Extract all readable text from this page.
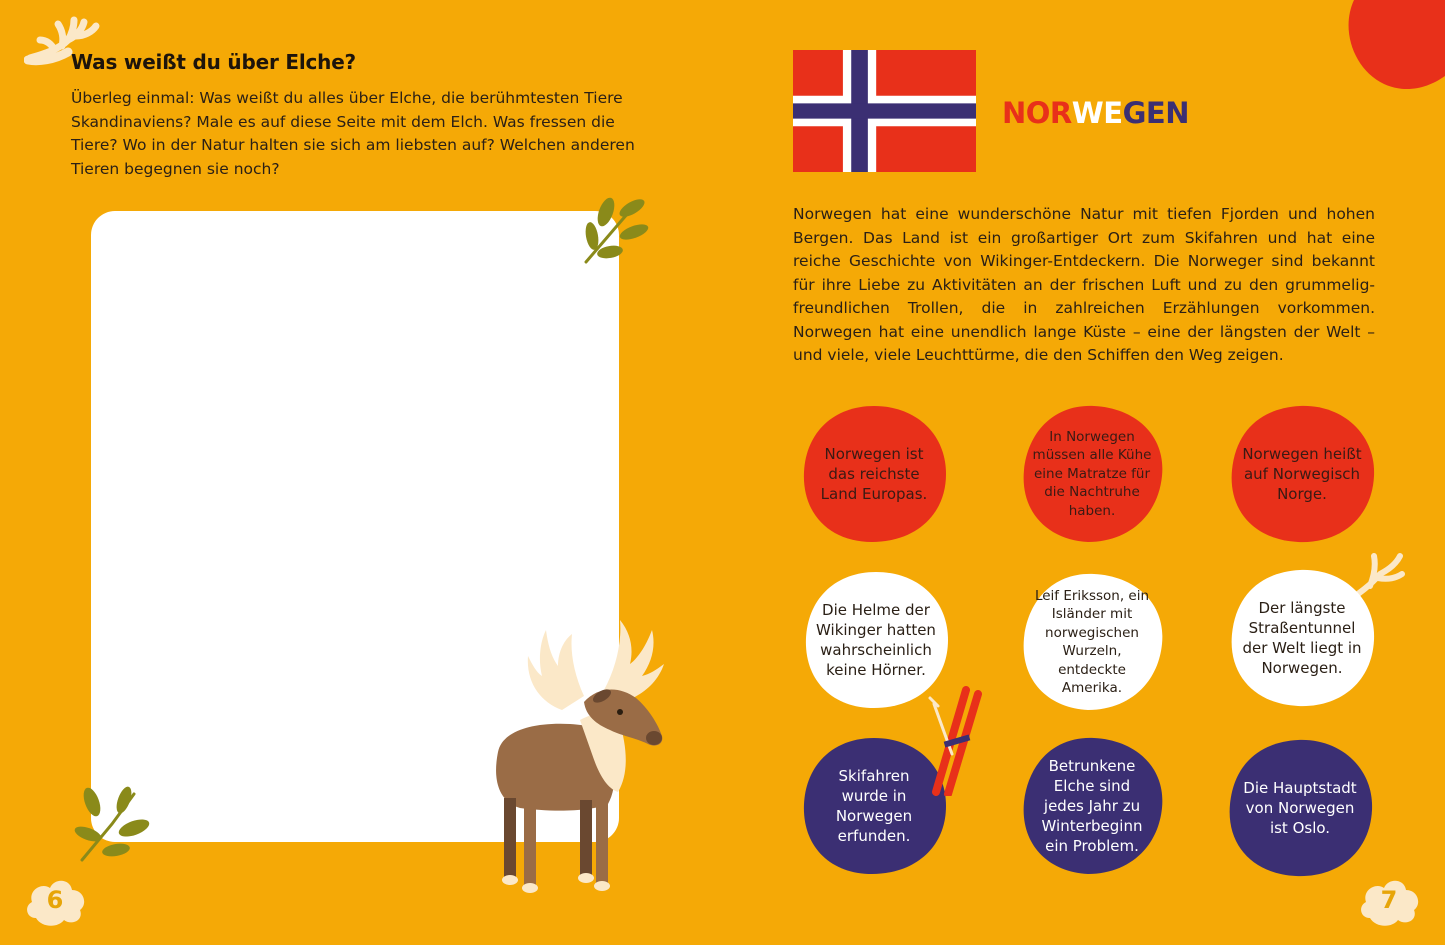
Was weißt du über Elche?
Überleg einmal: Was weißt du alles über Elche, die berühmtesten Tiere Skandinaviens? Male es auf diese Seite mit dem Elch. Was fressen die Tiere? Wo in der Natur halten sie sich am liebsten auf? Welchen anderen Tieren begegnen sie noch?
6
NORWEGEN
Norwegen hat eine wunderschöne Natur mit tiefen Fjorden und hohen Bergen. Das Land ist ein großartiger Ort zum Skifahren und hat eine reiche Geschichte von Wikinger-Entdeckern. Die Norweger sind bekannt für ihre Liebe zu Aktivitäten an der frischen Luft und zu den grummelig-freundlichen Trollen, die in zahlreichen Erzählungen vorkommen. Norwegen hat eine unendlich lange Küste – eine der längsten der Welt – und viele, viele Leuchttürme, die den Schiffen den Weg zeigen.
Norwegen ist das reichste Land Europas.
In Norwegen müssen alle Kühe eine Matratze für die Nachtruhe haben.
Norwegen heißt auf Norwegisch Norge.
Die Helme der Wikinger hatten wahrscheinlich keine Hörner.
Leif Eriksson, ein Isländer mit norwegischen Wurzeln, entdeckte Amerika.
Der längste Straßentunnel der Welt liegt in Norwegen.
Skifahren wurde in Norwegen erfunden.
Betrunkene Elche sind jedes Jahr zu Winterbeginn ein Problem.
Die Hauptstadt von Norwegen ist Oslo.
7
